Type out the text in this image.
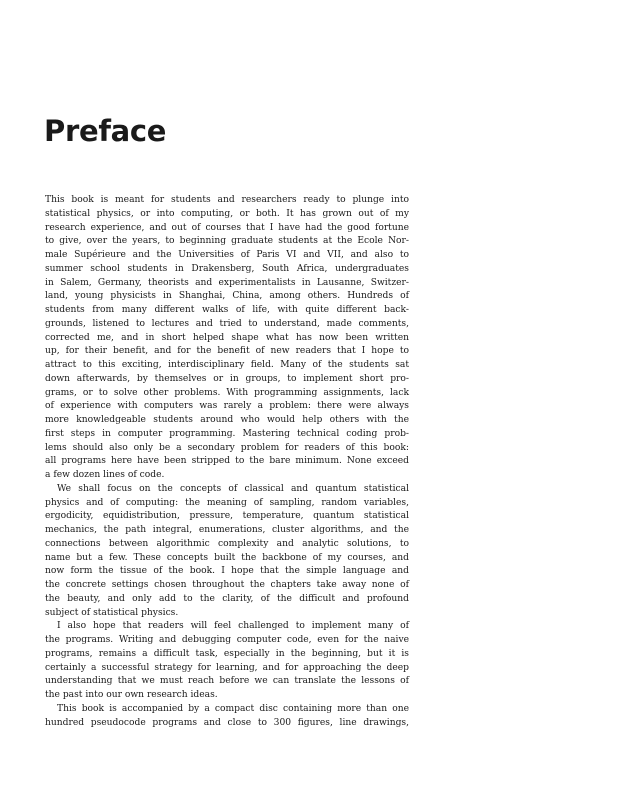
Preface

This book is meant for students and researchers ready to plunge into
statistical physics, or into computing, or both. It has grown out of my
research experience, and out of courses that I have had the good fortune
to give, over the years, to beginning graduate students at the Ecole Nor-
male Supérieure and the Universities of Paris VI and VII, and also to
summer school students in Drakensberg, South Africa, undergraduates
in Salem, Germany, theorists and experimentalists in Lausanne, Switzer-
land, young physicists in Shanghai, China, among others. Hundreds of
students from many different walks of life, with quite different back-
grounds, listened to lectures and tried to understand, made comments,
corrected me, and in short helped shape what has now been written
up, for their benefit, and for the benefit of new readers that I hope to
attract to this exciting, interdisciplinary field. Many of the students sat
down afterwards, by themselves or in groups, to implement short pro-
grams, or to solve other problems. With programming assignments, lack
of experience with computers was rarely a problem: there were always
more knowledgeable students around who would help others with the
first steps in computer programming. Mastering technical coding prob-
lems should also only be a secondary problem for readers of this book:
all programs here have been stripped to the bare minimum. None exceed
a few dozen lines of code.

We shall focus on the concepts of classical and quantum statistical
physics and of computing: the meaning of sampling, random variables,
ergodicity, equidistribution, pressure, temperature, quantum statistical
mechanics, the path integral, enumerations, cluster algorithms, and the
connections between algorithmic complexity and analytic solutions, to
name but a few. These concepts built the backbone of my courses, and
now form the tissue of the book. I hope that the simple language and
the concrete settings chosen throughout the chapters take away none of
the beauty, and only add to the clarity, of the difficult and profound
subject of statistical physics.

I also hope that readers will feel challenged to implement many of
the programs. Writing and debugging computer code, even for the naive
programs, remains a difficult task, especially in the beginning, but it is
certainly a successful strategy for learning, and for approaching the deep
understanding that we must reach before we can translate the lessons of
the past into our own research ideas.

This book is accompanied by a compact disc containing more than one
hundred pseudocode programs and close to 300 figures, line drawings,
